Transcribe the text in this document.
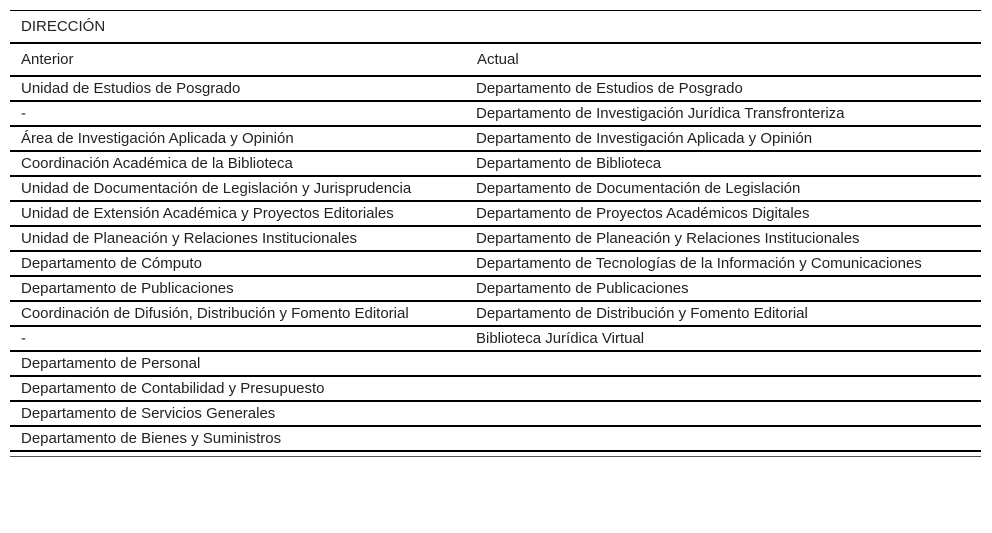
DIRECCIÓN	
Anterior	Actual
Unidad de Estudios de Posgrado	Departamento de Estudios de Posgrado
-	Departamento de Investigación Jurídica Transfronteriza
Área de Investigación Aplicada y Opinión	Departamento de Investigación Aplicada y Opinión
Coordinación Académica de la Biblioteca	Departamento de Biblioteca
Unidad de Documentación de Legislación y Jurisprudencia	Departamento de Documentación de Legislación
Unidad de Extensión Académica y Proyectos Editoriales	Departamento de Proyectos Académicos Digitales
Unidad de Planeación y Relaciones Institucionales	Departamento de Planeación y Relaciones Institucionales
Departamento de Cómputo	Departamento de Tecnologías de la Información y Comunicaciones
Departamento de Publicaciones	Departamento de Publicaciones
Coordinación de Difusión, Distribución y Fomento Editorial	Departamento de Distribución y Fomento Editorial
-	Biblioteca Jurídica Virtual
Departamento de Personal	
Departamento de Contabilidad y Presupuesto	
Departamento de Servicios Generales	
Departamento de Bienes y Suministros	
